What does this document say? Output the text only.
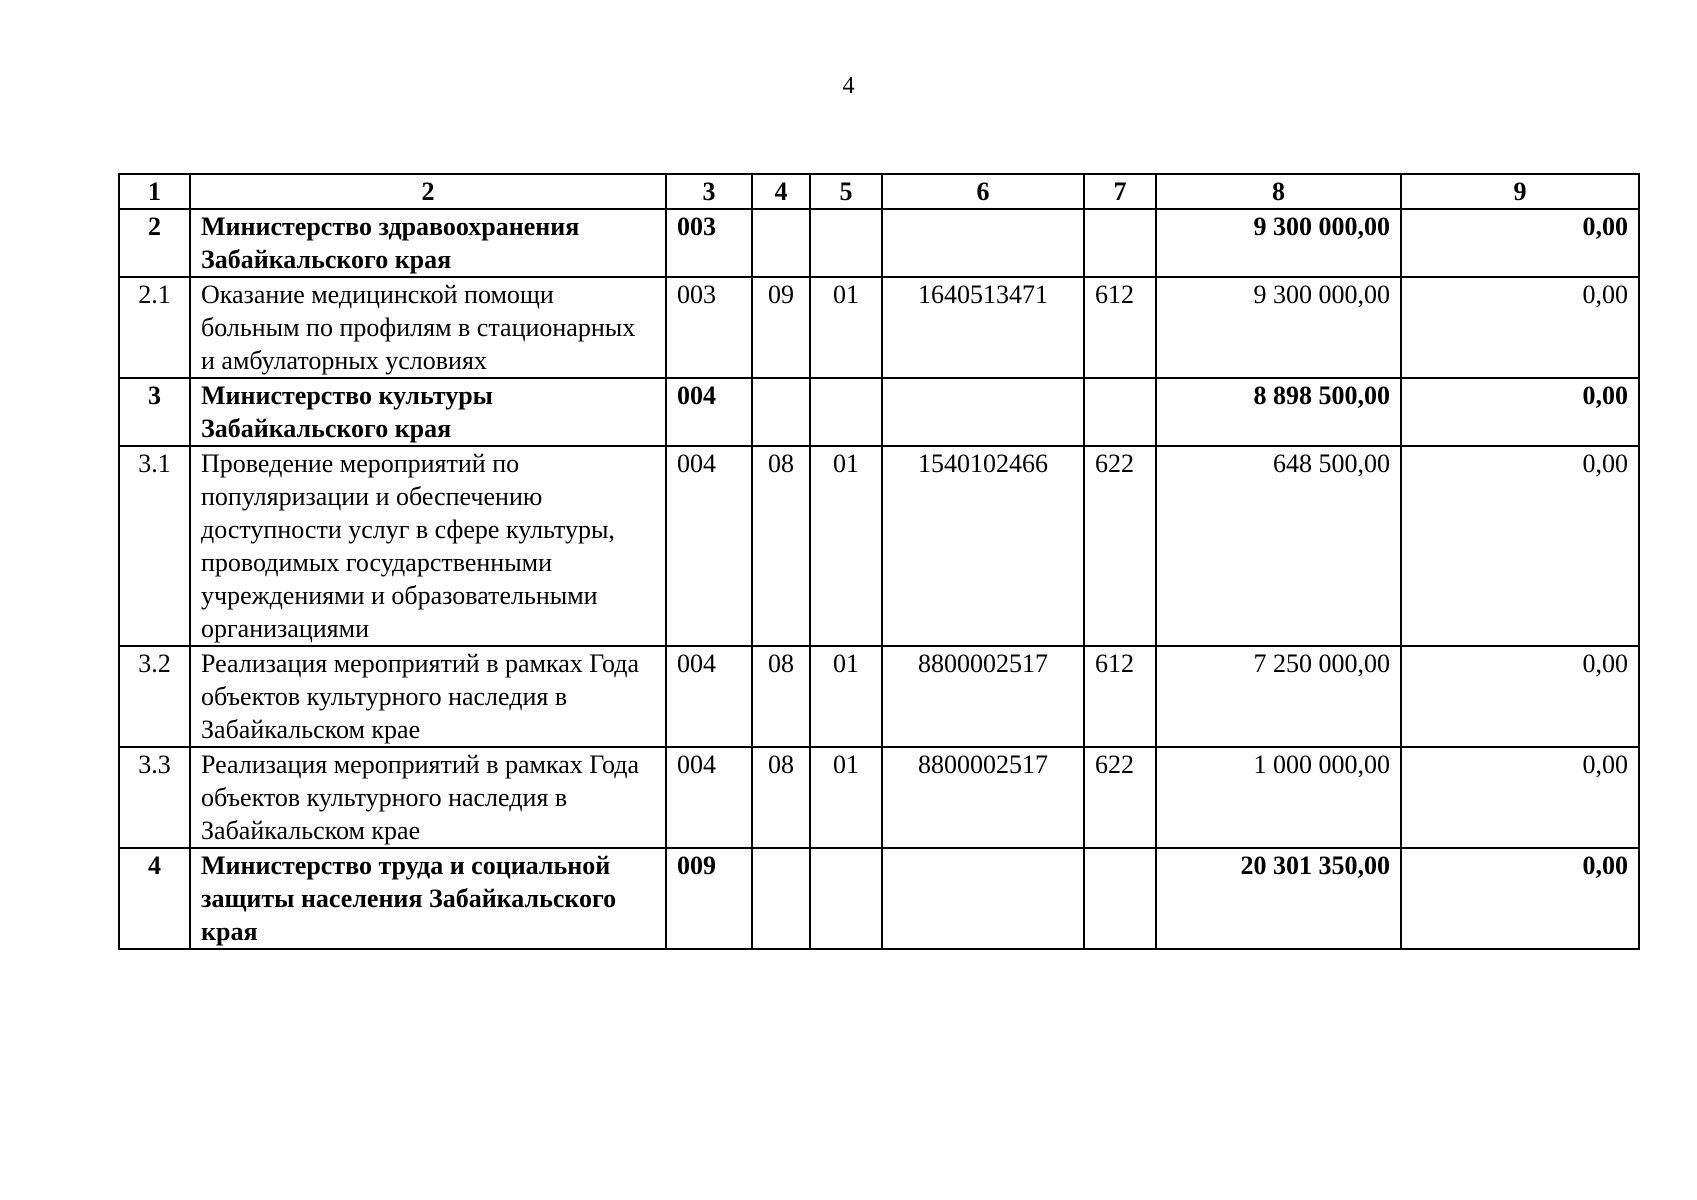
4
1	2	3	4	5	6	7	8	9
2	Министерство здравоохранения Забайкальского края	003					9 300 000,00	0,00
2.1	Оказание медицинской помощи больным по профилям в стационарных и амбулаторных условиях	003	09	01	1640513471	612	9 300 000,00	0,00
3	Министерство культуры Забайкальского края	004					8 898 500,00	0,00
3.1	Проведение мероприятий по популяризации и обеспечению доступности услуг в сфере культуры, проводимых государственными учреждениями и образовательными организациями	004	08	01	1540102466	622	648 500,00	0,00
3.2	Реализация мероприятий в рамках Года объектов культурного наследия в Забайкальском крае	004	08	01	8800002517	612	7 250 000,00	0,00
3.3	Реализация мероприятий в рамках Года объектов культурного наследия в Забайкальском крае	004	08	01	8800002517	622	1 000 000,00	0,00
4	Министерство труда и социальной защиты населения Забайкальского края	009					20 301 350,00	0,00
